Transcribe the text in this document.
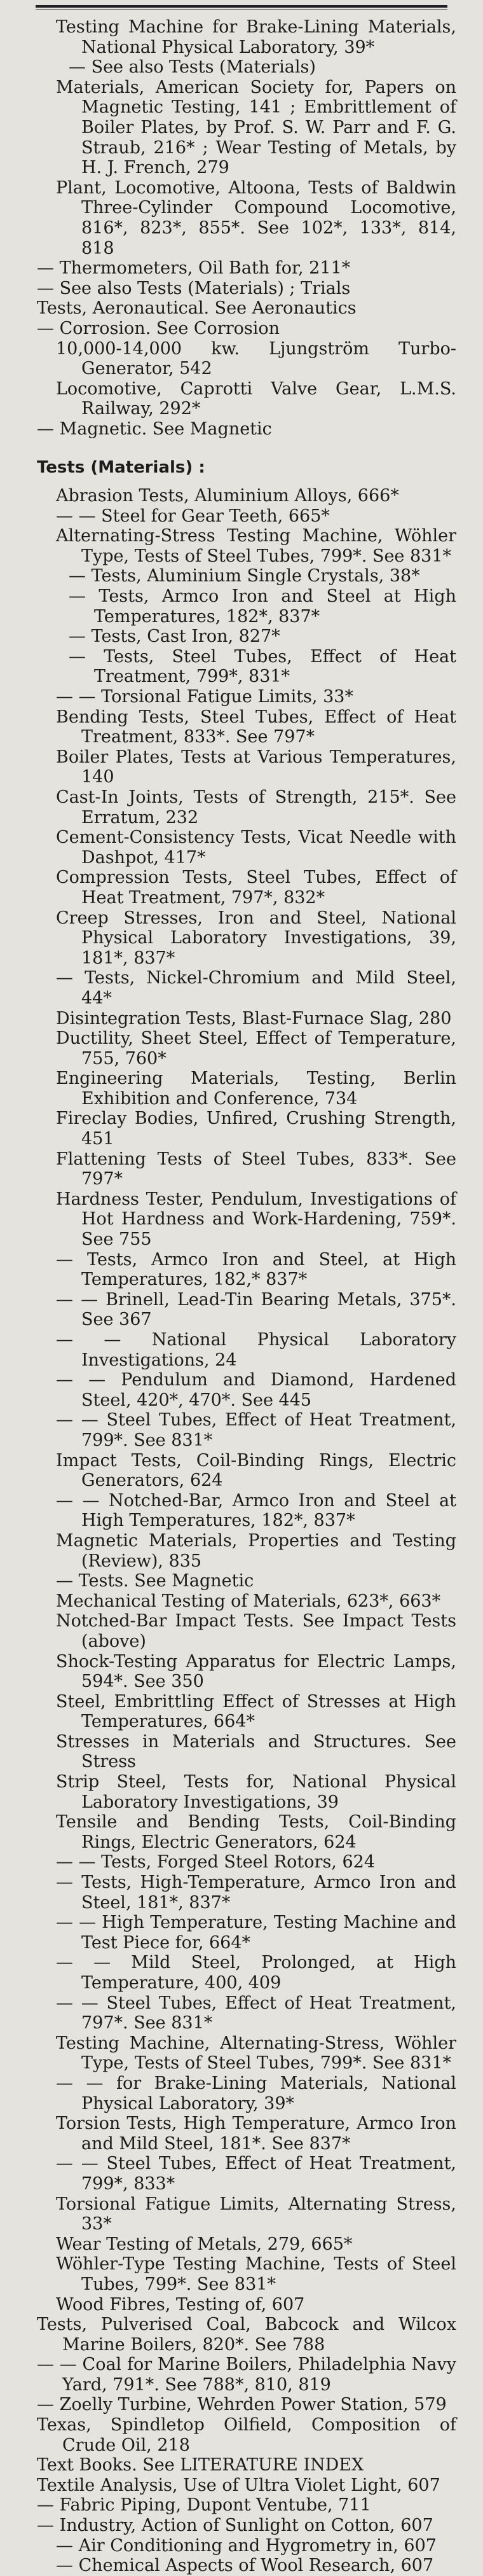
Testing Machine for Brake-Lining Materials, National Physical Laboratory, 39*

— See also Tests (Materials)

Materials, American Society for, Papers on Magnetic Testing, 141 ; Embrittlement of Boiler Plates, by Prof. S. W. Parr and F. G. Straub, 216* ; Wear Testing of Metals, by H. J. French, 279

Plant, Locomotive, Altoona, Tests of Baldwin Three-Cylinder Compound Locomotive, 816*, 823*, 855*. See 102*, 133*, 814, 818

— Thermometers, Oil Bath for, 211*

— See also Tests (Materials) ; Trials

Tests, Aeronautical. See Aeronautics

— Corrosion. See Corrosion

10,000-14,000 kw. Ljungström Turbo-Generator, 542

Locomotive, Caprotti Valve Gear, L.M.S. Railway, 292*

— Magnetic. See Magnetic

Tests (Materials) :

Abrasion Tests, Aluminium Alloys, 666*

— — Steel for Gear Teeth, 665*

Alternating-Stress Testing Machine, Wöhler Type, Tests of Steel Tubes, 799*. See 831*

— Tests, Aluminium Single Crystals, 38*

— Tests, Armco Iron and Steel at High Temperatures, 182*, 837*

— Tests, Cast Iron, 827*

— Tests, Steel Tubes, Effect of Heat Treatment, 799*, 831*

— — Torsional Fatigue Limits, 33*

Bending Tests, Steel Tubes, Effect of Heat Treatment, 833*. See 797*

Boiler Plates, Tests at Various Temperatures, 140

Cast-In Joints, Tests of Strength, 215*. See Erratum, 232

Cement-Consistency Tests, Vicat Needle with Dashpot, 417*

Compression Tests, Steel Tubes, Effect of Heat Treatment, 797*, 832*

Creep Stresses, Iron and Steel, National Physical Laboratory Investigations, 39, 181*, 837*

— Tests, Nickel-Chromium and Mild Steel, 44*

Disintegration Tests, Blast-Furnace Slag, 280

Ductility, Sheet Steel, Effect of Temperature, 755, 760*

Engineering Materials, Testing, Berlin Exhibition and Conference, 734

Fireclay Bodies, Unfired, Crushing Strength, 451

Flattening Tests of Steel Tubes, 833*. See 797*

Hardness Tester, Pendulum, Investigations of Hot Hardness and Work-Hardening, 759*. See 755

— Tests, Armco Iron and Steel, at High Temperatures, 182,* 837*

— — Brinell, Lead-Tin Bearing Metals, 375*. See 367

— — National Physical Laboratory Investigations, 24

— — Pendulum and Diamond, Hardened Steel, 420*, 470*. See 445

— — Steel Tubes, Effect of Heat Treatment, 799*. See 831*

Impact Tests, Coil-Binding Rings, Electric Generators, 624

— — Notched-Bar, Armco Iron and Steel at High Temperatures, 182*, 837*

Magnetic Materials, Properties and Testing (Review), 835

— Tests. See Magnetic

Mechanical Testing of Materials, 623*, 663*

Notched-Bar Impact Tests. See Impact Tests (above)

Shock-Testing Apparatus for Electric Lamps, 594*. See 350

Steel, Embrittling Effect of Stresses at High Temperatures, 664*

Stresses in Materials and Structures. See Stress

Strip Steel, Tests for, National Physical Laboratory Investigations, 39

Tensile and Bending Tests, Coil-Binding Rings, Electric Generators, 624

— — Tests, Forged Steel Rotors, 624

— Tests, High-Temperature, Armco Iron and Steel, 181*, 837*

— — High Temperature, Testing Machine and Test Piece for, 664*

— — Mild Steel, Prolonged, at High Temperature, 400, 409

— — Steel Tubes, Effect of Heat Treatment, 797*. See 831*

Testing Machine, Alternating-Stress, Wöhler Type, Tests of Steel Tubes, 799*. See 831*

— — for Brake-Lining Materials, National Physical Laboratory, 39*

Torsion Tests, High Temperature, Armco Iron and Mild Steel, 181*. See 837*

— — Steel Tubes, Effect of Heat Treatment, 799*, 833*

Torsional Fatigue Limits, Alternating Stress, 33*

Wear Testing of Metals, 279, 665*

Wöhler-Type Testing Machine, Tests of Steel Tubes, 799*. See 831*

Wood Fibres, Testing of, 607

Tests, Pulverised Coal, Babcock and Wilcox Marine Boilers, 820*. See 788

— — Coal for Marine Boilers, Philadelphia Navy Yard, 791*. See 788*, 810, 819

— Zoelly Turbine, Wehrden Power Station, 579

Texas, Spindletop Oilfield, Composition of Crude Oil, 218

Text Books. See LITERATURE INDEX

Textile Analysis, Use of Ultra Violet Light, 607

— Fabric Piping, Dupont Ventube, 711

— Industry, Action of Sunlight on Cotton, 607

— Air Conditioning and Hygrometry in, 607

— Chemical Aspects of Wool Research, 607
